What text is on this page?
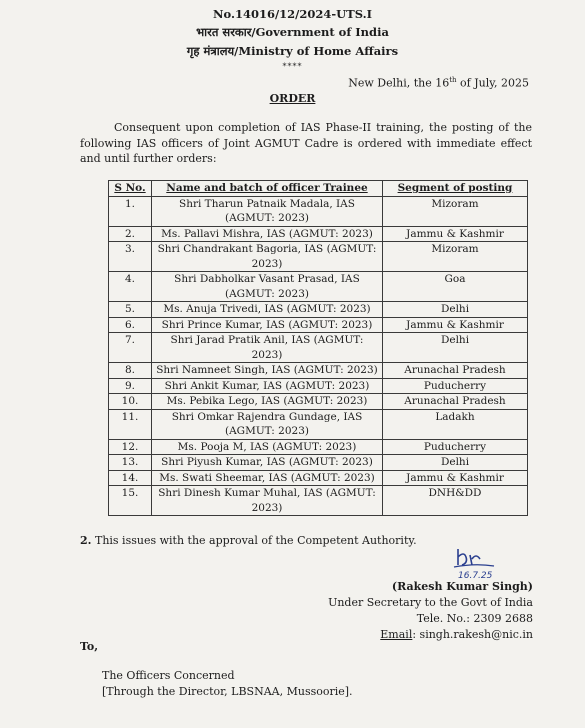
No.14016/12/2024-UTS.I
भारत सरकार/Government of India
गृह मंत्रालय/Ministry of Home Affairs
****
New Delhi, the 16th of July, 2025
ORDER
Consequent upon completion of IAS Phase-II training, the posting of the following IAS officers of Joint AGMUT Cadre is ordered with immediate effect and until further orders:
S No.	Name and batch of officer Trainee	Segment of posting
1.	Shri Tharun Patnaik Madala, IAS (AGMUT: 2023)	Mizoram
2.	Ms. Pallavi Mishra, IAS (AGMUT: 2023)	Jammu & Kashmir
3.	Shri Chandrakant Bagoria, IAS (AGMUT: 2023)	Mizoram
4.	Shri Dabholkar Vasant Prasad, IAS (AGMUT: 2023)	Goa
5.	Ms. Anuja Trivedi, IAS (AGMUT: 2023)	Delhi
6.	Shri Prince Kumar, IAS (AGMUT: 2023)	Jammu & Kashmir
7.	Shri Jarad Pratik Anil, IAS (AGMUT: 2023)	Delhi
8.	Shri Namneet Singh, IAS (AGMUT: 2023)	Arunachal Pradesh
9.	Shri Ankit Kumar, IAS (AGMUT: 2023)	Puducherry
10.	Ms. Pebika Lego, IAS (AGMUT: 2023)	Arunachal Pradesh
11.	Shri Omkar Rajendra Gundage, IAS (AGMUT: 2023)	Ladakh
12.	Ms. Pooja M, IAS (AGMUT: 2023)	Puducherry
13.	Shri Piyush Kumar, IAS (AGMUT: 2023)	Delhi
14.	Ms. Swati Sheemar, IAS (AGMUT: 2023)	Jammu & Kashmir
15.	Shri Dinesh Kumar Muhal, IAS (AGMUT: 2023)	DNH&DD
2. This issues with the approval of the Competent Authority.
16.7.25
(Rakesh Kumar Singh)
Under Secretary to the Govt of India
Tele. No.: 2309 2688
Email: singh.rakesh@nic.in
To,
The Officers Concerned
[Through the Director, LBSNAA, Mussoorie].
